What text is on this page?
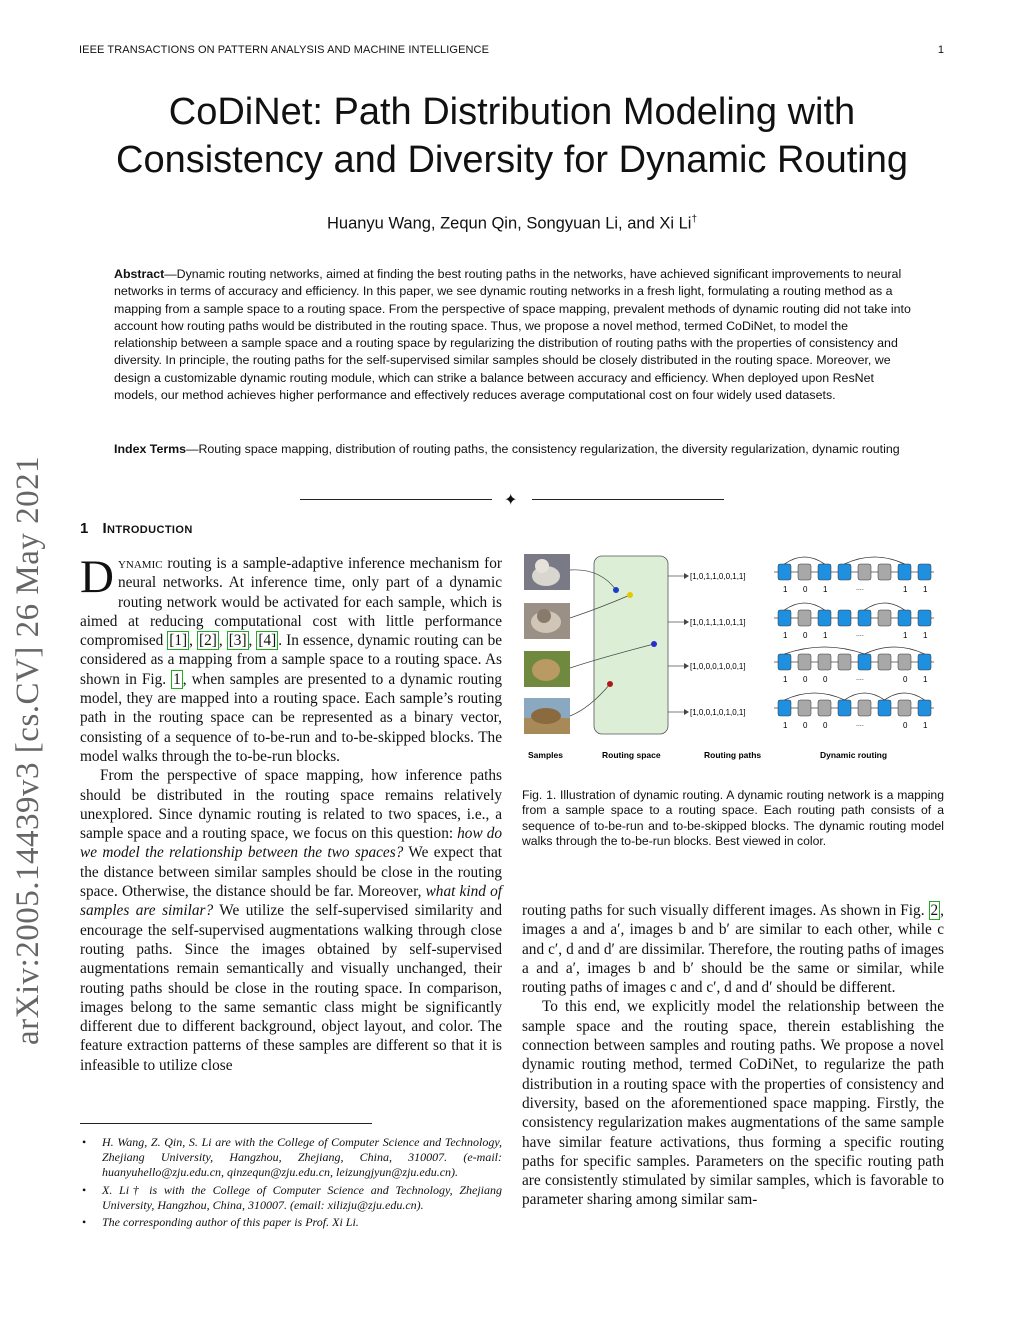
IEEE TRANSACTIONS ON PATTERN ANALYSIS AND MACHINE INTELLIGENCE	1
CoDiNet: Path Distribution Modeling with
Consistency and Diversity for Dynamic Routing
Huanyu Wang, Zequn Qin, Songyuan Li, and Xi Li†
Abstract—Dynamic routing networks, aimed at finding the best routing paths in the networks, have achieved significant improvements to neural networks in terms of accuracy and efficiency. In this paper, we see dynamic routing networks in a fresh light, formulating a routing method as a mapping from a sample space to a routing space. From the perspective of space mapping, prevalent methods of dynamic routing did not take into account how routing paths would be distributed in the routing space. Thus, we propose a novel method, termed CoDiNet, to model the relationship between a sample space and a routing space by regularizing the distribution of routing paths with the properties of consistency and diversity. In principle, the routing paths for the self-supervised similar samples should be closely distributed in the routing space. Moreover, we design a customizable dynamic routing module, which can strike a balance between accuracy and efficiency. When deployed upon ResNet models, our method achieves higher performance and effectively reduces average computational cost on four widely used datasets.
Index Terms—Routing space mapping, distribution of routing paths, the consistency regularization, the diversity regularization, dynamic routing
✦
arXiv:2005.14439v3 [cs.CV] 26 May 2021 1 Introduction

Dynamic routing is a sample-adaptive inference mechanism for neural networks. At inference time, only part of a dynamic routing network would be activated for each sample, which is aimed at reducing computational cost with little performance compromised [1] , [2] , [3] , [4] . In essence, dynamic routing can be considered as a mapping from a sample space to a routing space. As shown in Fig. 1 , when samples are presented to a dynamic routing model, they are mapped into a routing space. Each sample’s routing path in the routing space can be represented as a binary vector, consisting of a sequence of to-be-run and to-be-skipped blocks. The model walks through the to-be-run blocks.

From the perspective of space mapping, how inference paths should be distributed in the routing space remains relatively unexplored. Since dynamic routing is related to two spaces, i.e., a sample space and a routing space, we focus on this question: how do we model the relationship between the two spaces? We expect that the distance between similar samples should be close in the routing space. Otherwise, the distance should be far. Moreover, what kind of samples are similar? We utilize the self-supervised similarity and encourage the self-supervised augmentations walking through close routing paths. Since the images obtained by self-supervised augmentations remain semantically and visually unchanged, their routing paths should be close in the routing space. In comparison, images belong to the same semantic class might be significantly different due to different background, object layout, and color. The feature extraction patterns of these samples are different so that it is infeasible to utilize close

• H. Wang, Z. Qin, S. Li are with the College of Computer Science and Technology, Zhejiang University, Hangzhou, Zhejiang, China, 310007. (e-mail: huanyuhello@zju.edu.cn, qinzequn@zju.edu.cn, leizungjyun@zju.edu.cn).
• X. Li† is with the College of Computer Science and Technology, Zhejiang University, Hangzhou, China, 310007. (email: xilizju@zju.edu.cn).
• The corresponding author of this paper is Prof. Xi Li.
[1,0,1,1,0,0,1,1]
[1,0,1,1,1,0,1,1]
[1,0,0,0,1,0,0,1]
[1,0,0,1,0,1,0,1]
1 0 1	1 1
....
1 0 1	1 1
....
1 0 0	0 1
....
1 0 0	0 1
....
Samples	Routing space	Routing paths	Dynamic routing
Fig. 1. Illustration of dynamic routing. A dynamic routing network is a mapping from a sample space to a routing space. Each routing path consists of a sequence of to-be-run and to-be-skipped blocks. The dynamic routing model walks through the to-be-run blocks. Best viewed in color.

routing paths for such visually different images. As shown in Fig. 2 , images a and a′, images b and b′ are similar to each other, while c and c′, d and d′ are dissimilar. Therefore, the routing paths of images a and a′, images b and b′ should be the same or similar, while routing paths of images c and c′, d and d′ should be different.

To this end, we explicitly model the relationship between the sample space and the routing space, therein establishing the connection between samples and routing paths. We propose a novel dynamic routing method, termed CoDiNet, to regularize the path distribution in a routing space with the properties of consistency and diversity, based on the aforementioned space mapping. Firstly, the consistency regularization makes augmentations of the same sample have similar feature activations, thus forming a specific routing paths for specific samples. Parameters on the specific routing path are consistently stimulated by similar samples, which is favorable to parameter sharing among similar sam-
